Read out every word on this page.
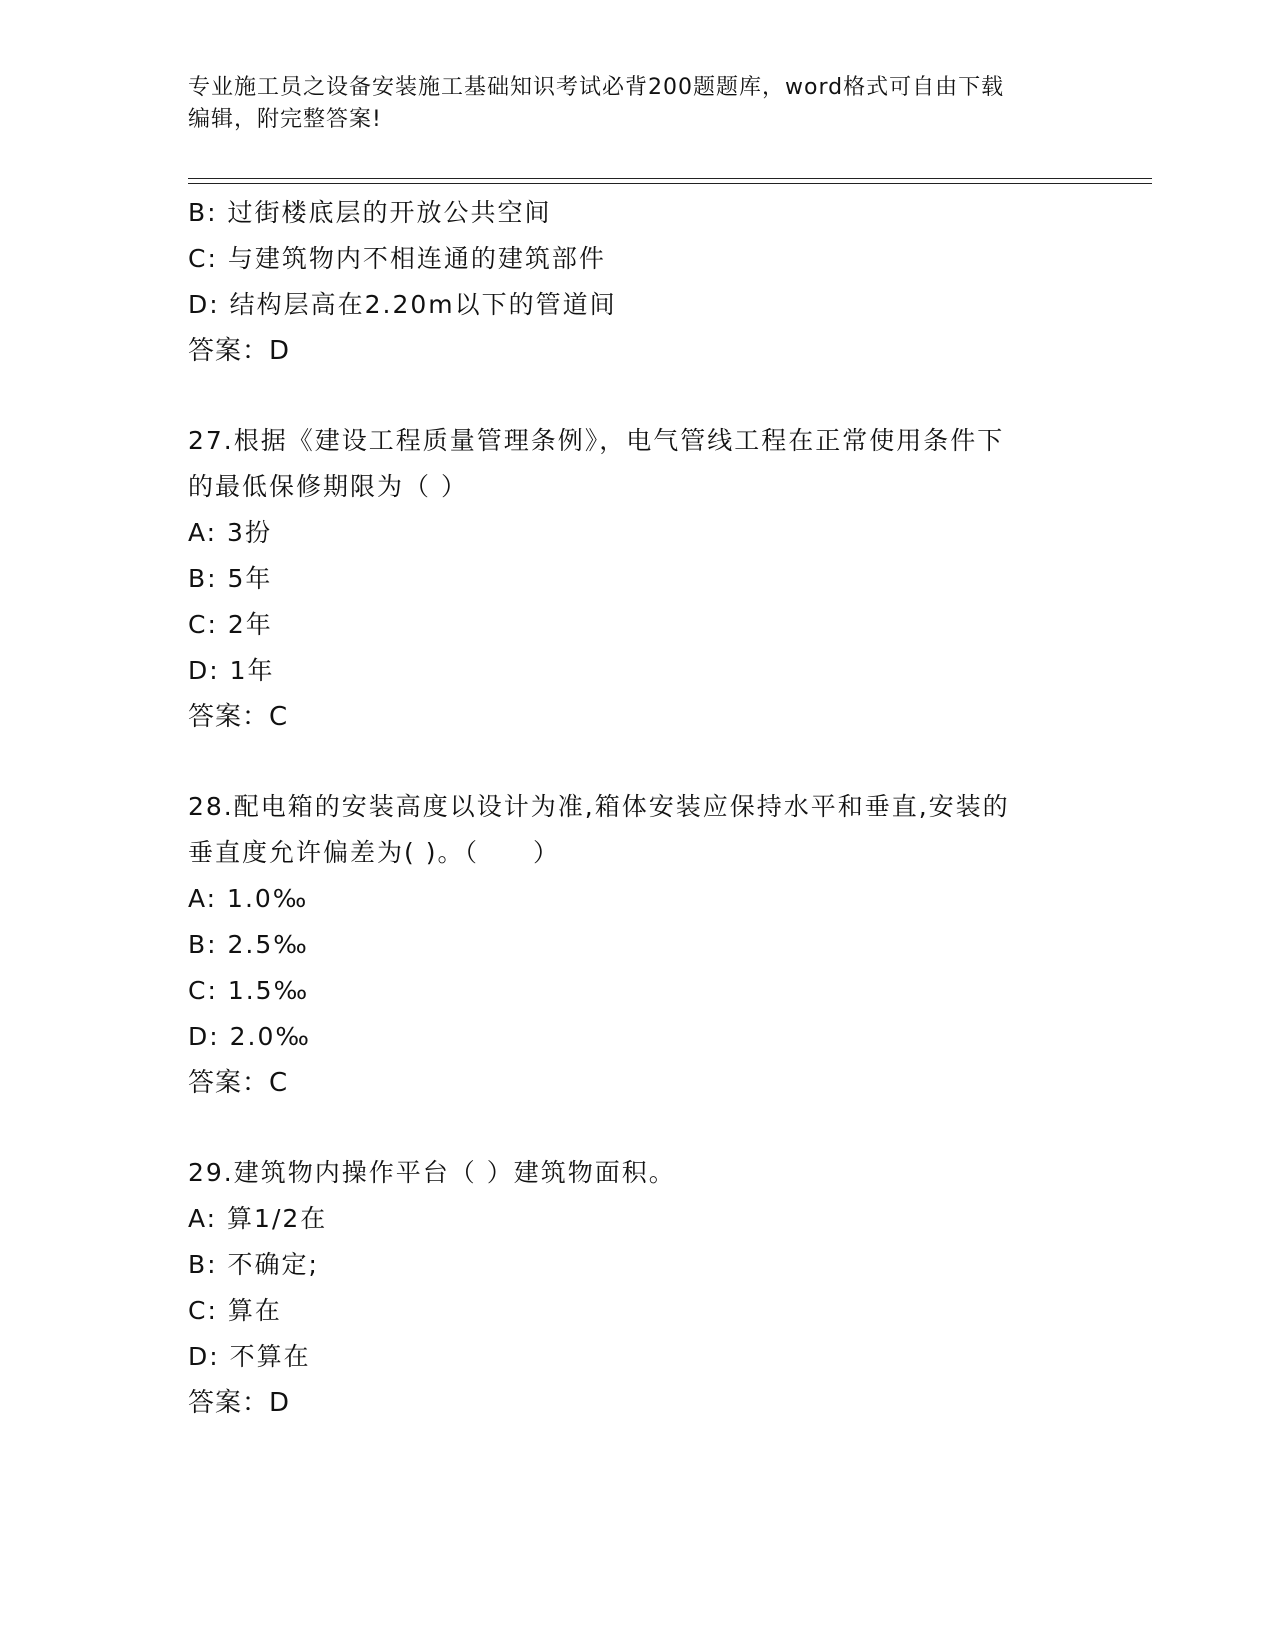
专业施工员之设备安装施工基础知识考试必背200题题库，word格式可自由下载
编辑，附完整答案!
B: 过街楼底层的开放公共空间
C: 与建筑物内不相连通的建筑部件
D: 结构层高在2.20m以下的管道间
答案：D
27.根据《建设工程质量管理条例》，电气管线工程在正常使用条件下
的最低保修期限为（ ）
A: 3扮
B: 5年
C: 2年
D: 1年
答案：C
28.配电箱的安装高度以设计为准,箱体安装应保持水平和垂直,安装的
垂直度允许偏差为( )。（　　）
A: 1.0‰
B: 2.5‰
C: 1.5‰
D: 2.0‰
答案：C
29.建筑物内操作平台（ ）建筑物面积。
A: 算1/2在
B: 不确定;
C: 算在
D: 不算在
答案：D
